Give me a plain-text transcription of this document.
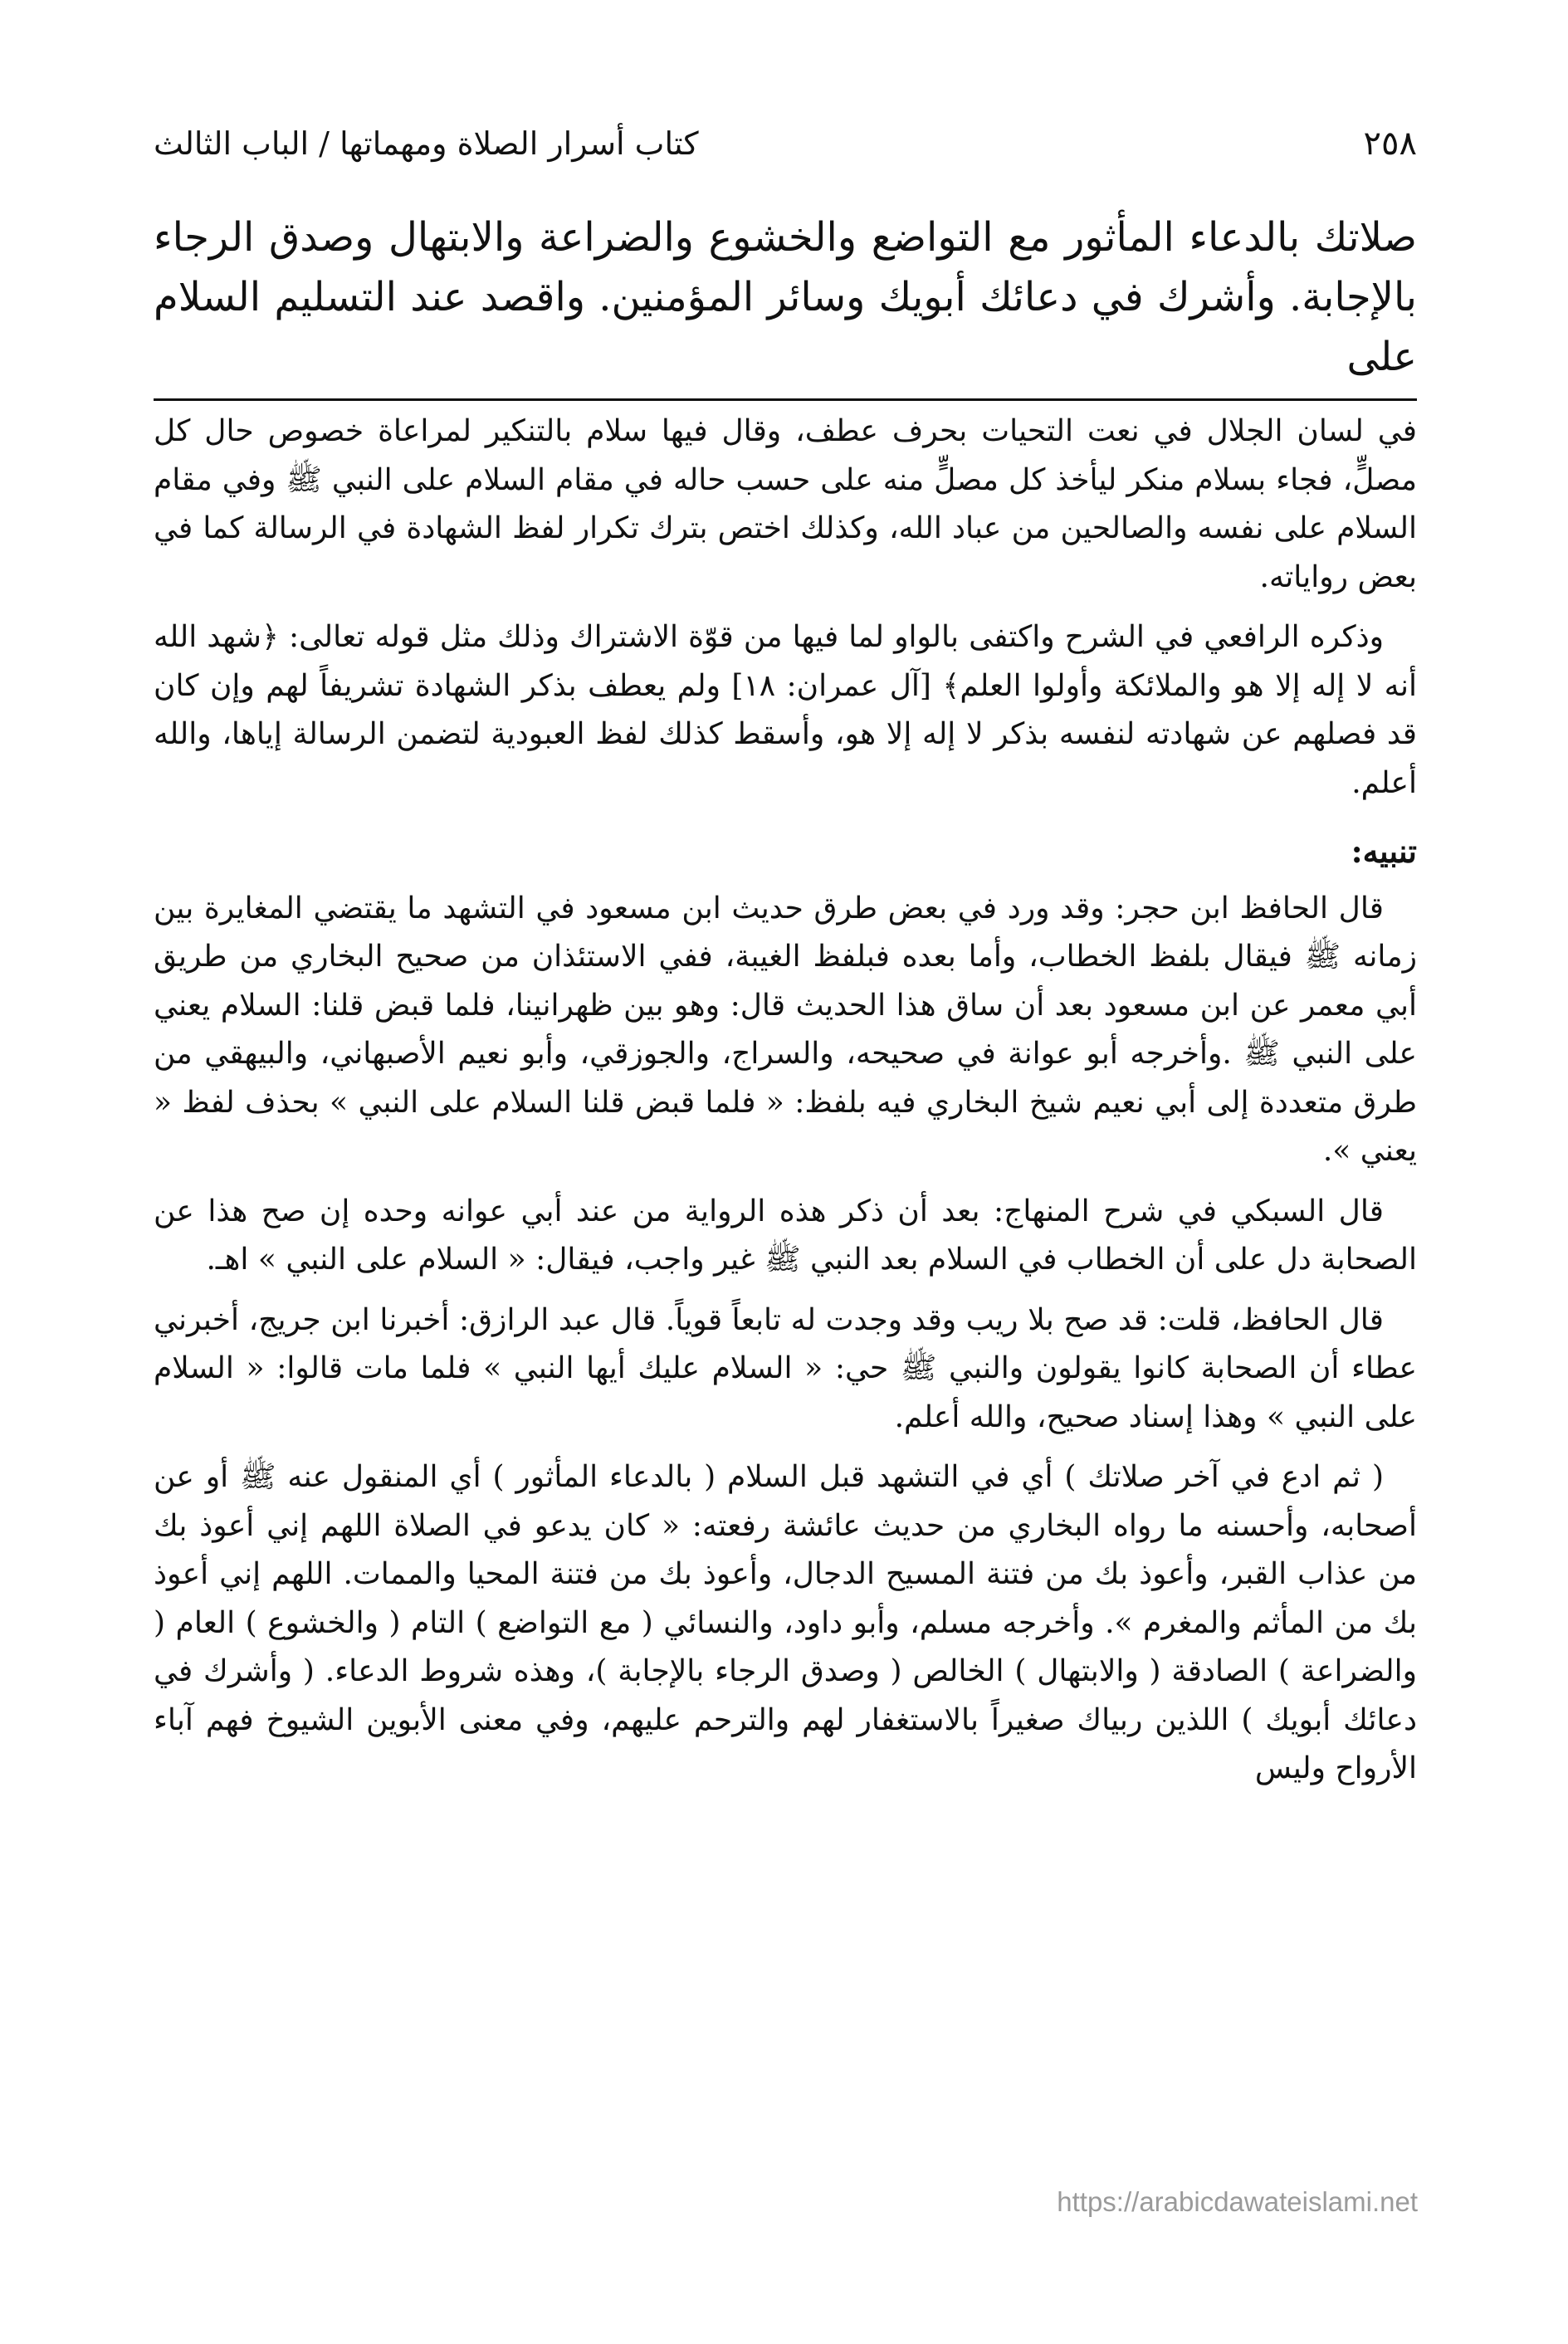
٢٥٨
كتاب أسرار الصلاة ومهماتها / الباب الثالث

صلاتك بالدعاء المأثور مع التواضع والخشوع والضراعة والابتهال وصدق الرجاء بالإجابة. وأشرك في دعائك أبويك وسائر المؤمنين. واقصد عند التسليم السلام على

في لسان الجلال في نعت التحيات بحرف عطف، وقال فيها سلام بالتنكير لمراعاة خصوص حال كل مصلٍّ، فجاء بسلام منكر ليأخذ كل مصلٍّ منه على حسب حاله في مقام السلام على النبي ﷺ وفي مقام السلام على نفسه والصالحين من عباد الله، وكذلك اختص بترك تكرار لفظ الشهادة في الرسالة كما في بعض رواياته.

وذكره الرافعي في الشرح واكتفى بالواو لما فيها من قوّة الاشتراك وذلك مثل قوله تعالى: ﴿شهد الله أنه لا إله إلا هو والملائكة وأولوا العلم﴾ [آل عمران: ١٨] ولم يعطف بذكر الشهادة تشريفاً لهم وإن كان قد فصلهم عن شهادته لنفسه بذكر لا إله إلا هو، وأسقط كذلك لفظ العبودية لتضمن الرسالة إياها، والله أعلم.

تنبيه:

قال الحافظ ابن حجر: وقد ورد في بعض طرق حديث ابن مسعود في التشهد ما يقتضي المغايرة بين زمانه ﷺ فيقال بلفظ الخطاب، وأما بعده فبلفظ الغيبة، ففي الاستئذان من صحيح البخاري من طريق أبي معمر عن ابن مسعود بعد أن ساق هذا الحديث قال: وهو بين ظهرانينا، فلما قبض قلنا: السلام يعني على النبي ﷺ .وأخرجه أبو عوانة في صحيحه، والسراج، والجوزقي، وأبو نعيم الأصبهاني، والبيهقي من طرق متعددة إلى أبي نعيم شيخ البخاري فيه بلفظ: « فلما قبض قلنا السلام على النبي » بحذف لفظ « يعني ».

قال السبكي في شرح المنهاج: بعد أن ذكر هذه الرواية من عند أبي عوانه وحده إن صح هذا عن الصحابة دل على أن الخطاب في السلام بعد النبي ﷺ غير واجب، فيقال: « السلام على النبي » اهـ.

قال الحافظ، قلت: قد صح بلا ريب وقد وجدت له تابعاً قوياً. قال عبد الرازق: أخبرنا ابن جريج، أخبرني عطاء أن الصحابة كانوا يقولون والنبي ﷺ حي: « السلام عليك أيها النبي » فلما مات قالوا: « السلام على النبي » وهذا إسناد صحيح، والله أعلم.

( ثم ادع في آخر صلاتك ) أي في التشهد قبل السلام ( بالدعاء المأثور ) أي المنقول عنه ﷺ أو عن أصحابه، وأحسنه ما رواه البخاري من حديث عائشة رفعته: « كان يدعو في الصلاة اللهم إني أعوذ بك من عذاب القبر، وأعوذ بك من فتنة المسيح الدجال، وأعوذ بك من فتنة المحيا والممات. اللهم إني أعوذ بك من المأثم والمغرم ». وأخرجه مسلم، وأبو داود، والنسائي ( مع التواضع ) التام ( والخشوع ) العام ( والضراعة ) الصادقة ( والابتهال ) الخالص ( وصدق الرجاء بالإجابة )، وهذه شروط الدعاء. ( وأشرك في دعائك أبويك ) اللذين ربياك صغيراً بالاستغفار لهم والترحم عليهم، وفي معنى الأبوين الشيوخ فهم آباء الأرواح وليس

https://arabicdawateislami.net
